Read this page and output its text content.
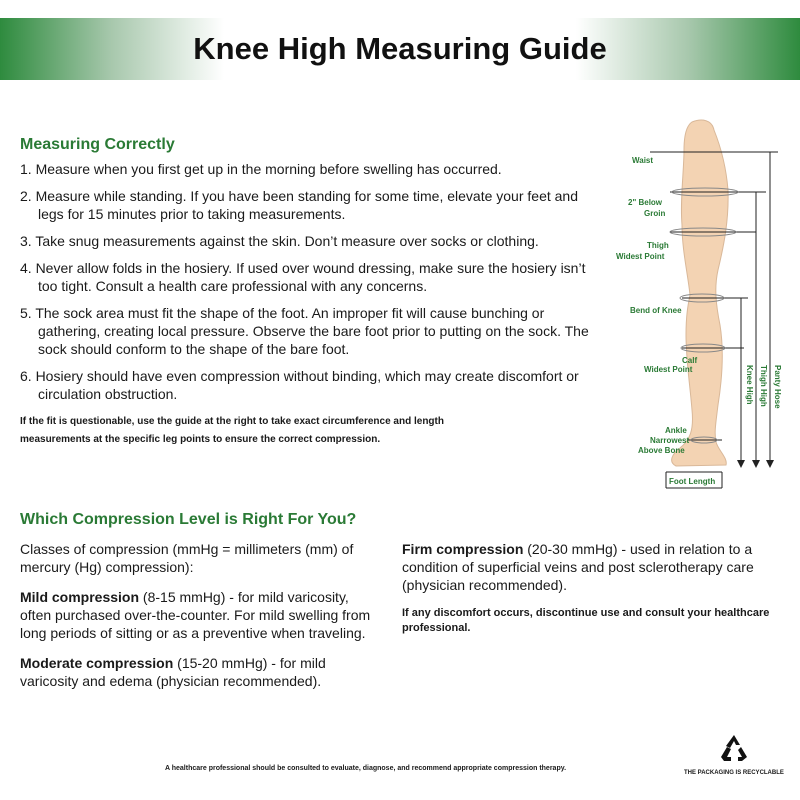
Knee High Measuring Guide
Measuring Correctly
1. Measure when you first get up in the morning before swelling has occurred.
2. Measure while standing. If you have been standing for some time, elevate your feet and legs for 15 minutes prior to taking measurements.
3. Take snug measurements against the skin. Don’t measure over socks or clothing.
4. Never allow folds in the hosiery. If used over wound dressing, make sure the hosiery isn’t too tight. Consult a health care professional with any concerns.
5. The sock area must fit the shape of the foot. An improper fit will cause bunching or gathering, creating local pressure. Observe the bare foot prior to putting on the sock. The sock should conform to the shape of the bare foot.
6. Hosiery should have even compression without binding, which may create discomfort or circulation obstruction.
If the fit is questionable, use the guide at the right to take exact circumference and length measurements at the specific leg points to ensure the correct compression.
Waist
2" Below
Groin
Thigh
Widest Point
Bend of Knee
Calf
Widest Point
Ankle
Narrowest
Above Bone
Foot Length
Knee High Thigh High Panty Hose
Which Compression Level is Right For You?

Classes of compression (mmHg = millimeters (mm) of mercury (Hg) compression):

Mild compression (8-15 mmHg) - for mild varicosity, often purchased over-the-counter. For mild swelling from long periods of sitting or as a preventive when traveling.

Moderate compression (15-20 mmHg) - for mild varicosity and edema (physician recommended).

Firm compression (20-30 mmHg) - used in relation to a condition of superficial veins and post sclerotherapy care (physician recommended).

If any discomfort occurs, discontinue use and consult your healthcare professional.
A healthcare professional should be consulted to evaluate, diagnose, and recommend appropriate compression therapy.
THE PACKAGING IS RECYCLABLE
